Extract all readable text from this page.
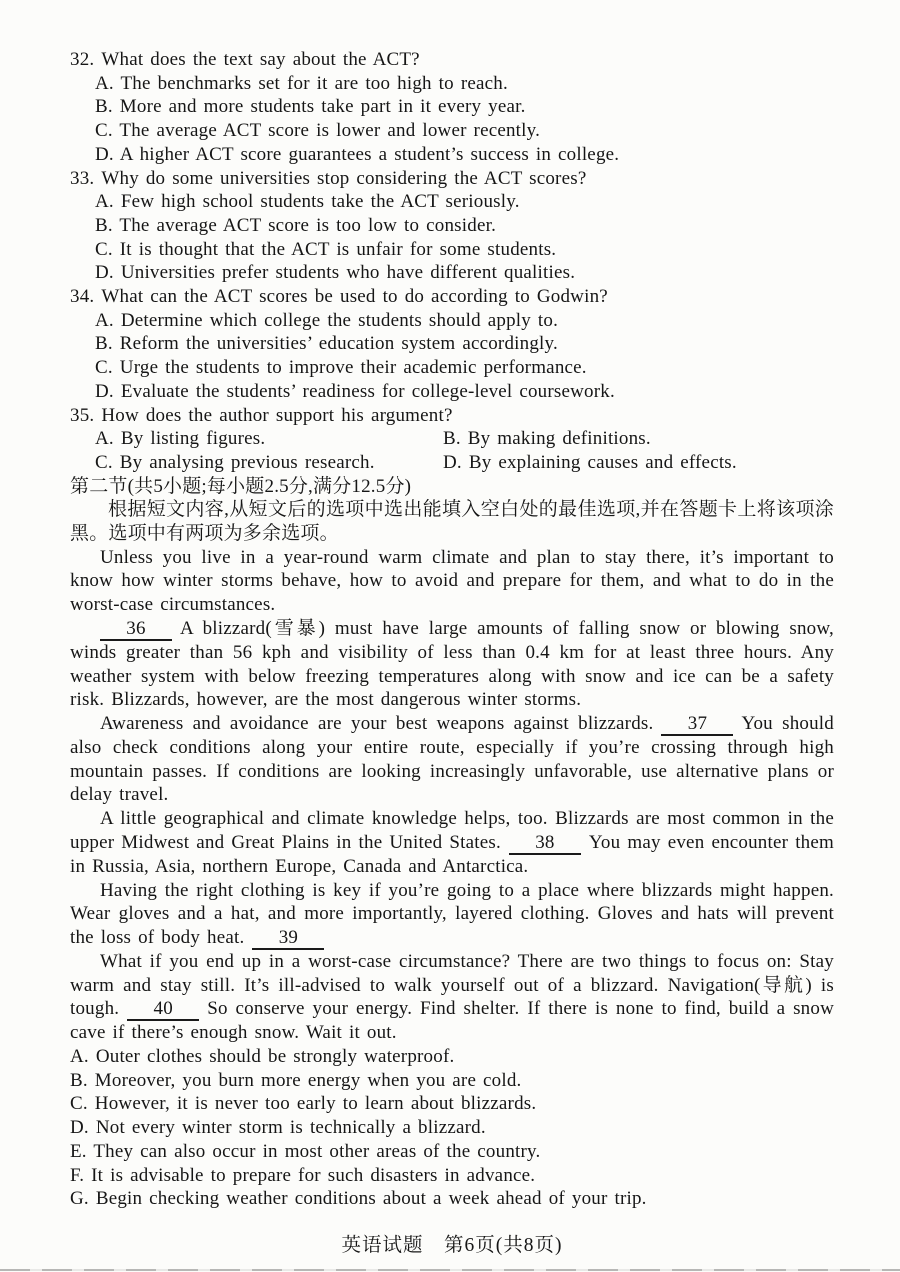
32. What does the text say about the ACT?
A. The benchmarks set for it are too high to reach.
B. More and more students take part in it every year.
C. The average ACT score is lower and lower recently.
D. A higher ACT score guarantees a student’s success in college.
33. Why do some universities stop considering the ACT scores?
A. Few high school students take the ACT seriously.
B. The average ACT score is too low to consider.
C. It is thought that the ACT is unfair for some students.
D. Universities prefer students who have different qualities.
34. What can the ACT scores be used to do according to Godwin?
A. Determine which college the students should apply to.
B. Reform the universities’ education system accordingly.
C. Urge the students to improve their academic performance.
D. Evaluate the students’ readiness for college-level coursework.
35. How does the author support his argument?
A. By listing figures.	B. By making definitions.
C. By analysing previous research.	D. By explaining causes and effects.
第二节(共5小题;每小题2.5分,满分12.5分)

根据短文内容,从短文后的选项中选出能填入空白处的最佳选项,并在答题卡上将该项涂黑。选项中有两项为多余选项。

Unless you live in a year-round warm climate and plan to stay there, it’s important to know how winter storms behave, how to avoid and prepare for them, and what to do in the worst-case circumstances.

36 A blizzard(雪暴) must have large amounts of falling snow or blowing snow, winds greater than 56 kph and visibility of less than 0.4 km for at least three hours. Any weather system with below freezing temperatures along with snow and ice can be a safety risk. Blizzards, however, are the most dangerous winter storms.

Awareness and avoidance are your best weapons against blizzards. 37 You should also check conditions along your entire route, especially if you’re crossing through high mountain passes. If conditions are looking increasingly unfavorable, use alternative plans or delay travel.

A little geographical and climate knowledge helps, too. Blizzards are most common in the upper Midwest and Great Plains in the United States. 38 You may even encounter them in Russia, Asia, northern Europe, Canada and Antarctica.

Having the right clothing is key if you’re going to a place where blizzards might happen. Wear gloves and a hat, and more importantly, layered clothing. Gloves and hats will prevent the loss of body heat. 39

What if you end up in a worst-case circumstance? There are two things to focus on: Stay warm and stay still. It’s ill-advised to walk yourself out of a blizzard. Navigation(导航) is tough. 40 So conserve your energy. Find shelter. If there is none to find, build a snow cave if there’s enough snow. Wait it out.

A. Outer clothes should be strongly waterproof.
B. Moreover, you burn more energy when you are cold.
C. However, it is never too early to learn about blizzards.
D. Not every winter storm is technically a blizzard.
E. They can also occur in most other areas of the country.
F. It is advisable to prepare for such disasters in advance.
G. Begin checking weather conditions about a week ahead of your trip.
英语试题　第6页(共8页)
